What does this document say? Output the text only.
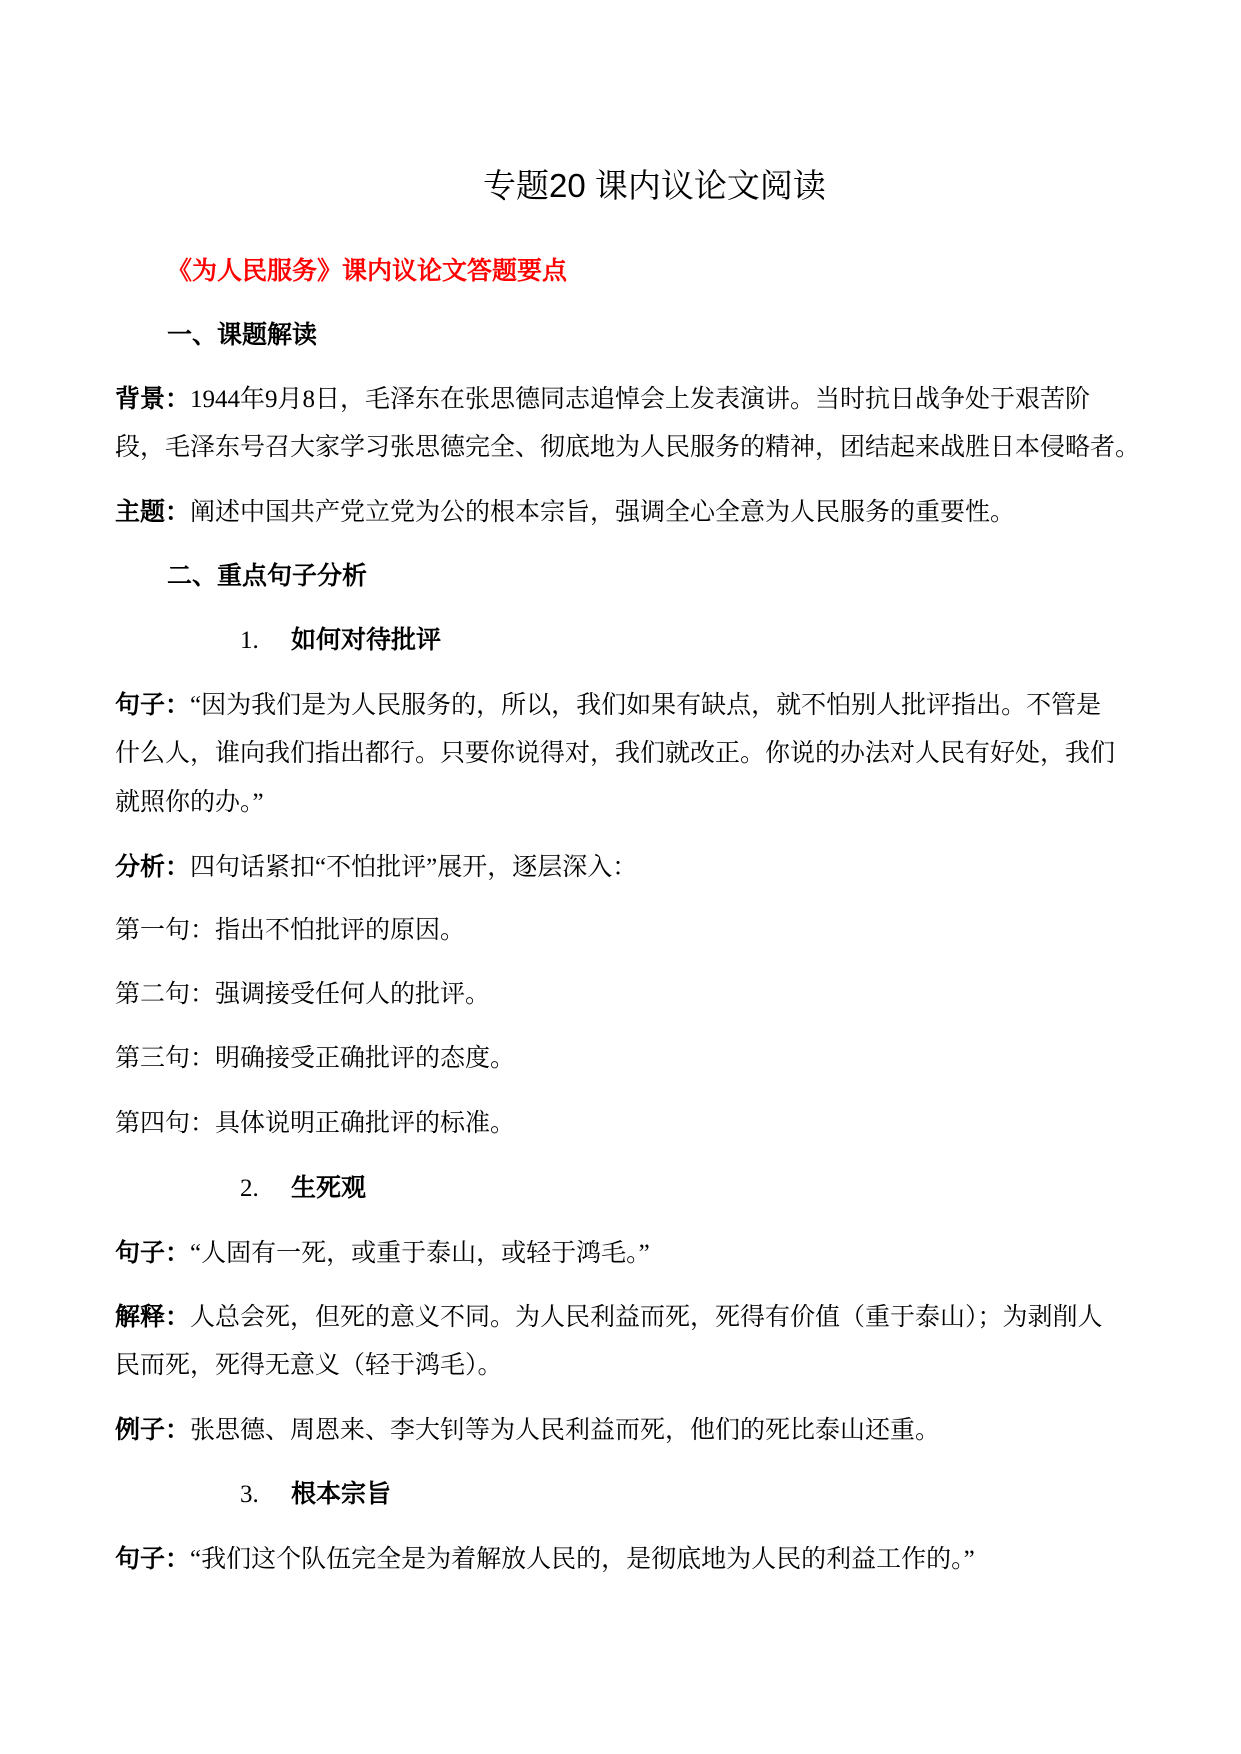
专题20 课内议论文阅读
《为人民服务》课内议论文答题要点
一、课题解读
背景：1944年9月8日，毛泽东在张思德同志追悼会上发表演讲。当时抗日战争处于艰苦阶
段，毛泽东号召大家学习张思德完全、彻底地为人民服务的精神，团结起来战胜日本侵略者。
主题：阐述中国共产党立党为公的根本宗旨，强调全心全意为人民服务的重要性。
二、重点句子分析
1. 如何对待批评
句子：“因为我们是为人民服务的，所以，我们如果有缺点，就不怕别人批评指出。不管是
什么人，谁向我们指出都行。只要你说得对，我们就改正。你说的办法对人民有好处，我们
就照你的办。”
分析：四句话紧扣“不怕批评”展开，逐层深入：
第一句：指出不怕批评的原因。
第二句：强调接受任何人的批评。
第三句：明确接受正确批评的态度。
第四句：具体说明正确批评的标准。
2. 生死观
句子：“人固有一死，或重于泰山，或轻于鸿毛。”
解释：人总会死，但死的意义不同。为人民利益而死，死得有价值（重于泰山）；为剥削人
民而死，死得无意义（轻于鸿毛）。
例子：张思德、周恩来、李大钊等为人民利益而死，他们的死比泰山还重。
3. 根本宗旨
句子：“我们这个队伍完全是为着解放人民的，是彻底地为人民的利益工作的。”
